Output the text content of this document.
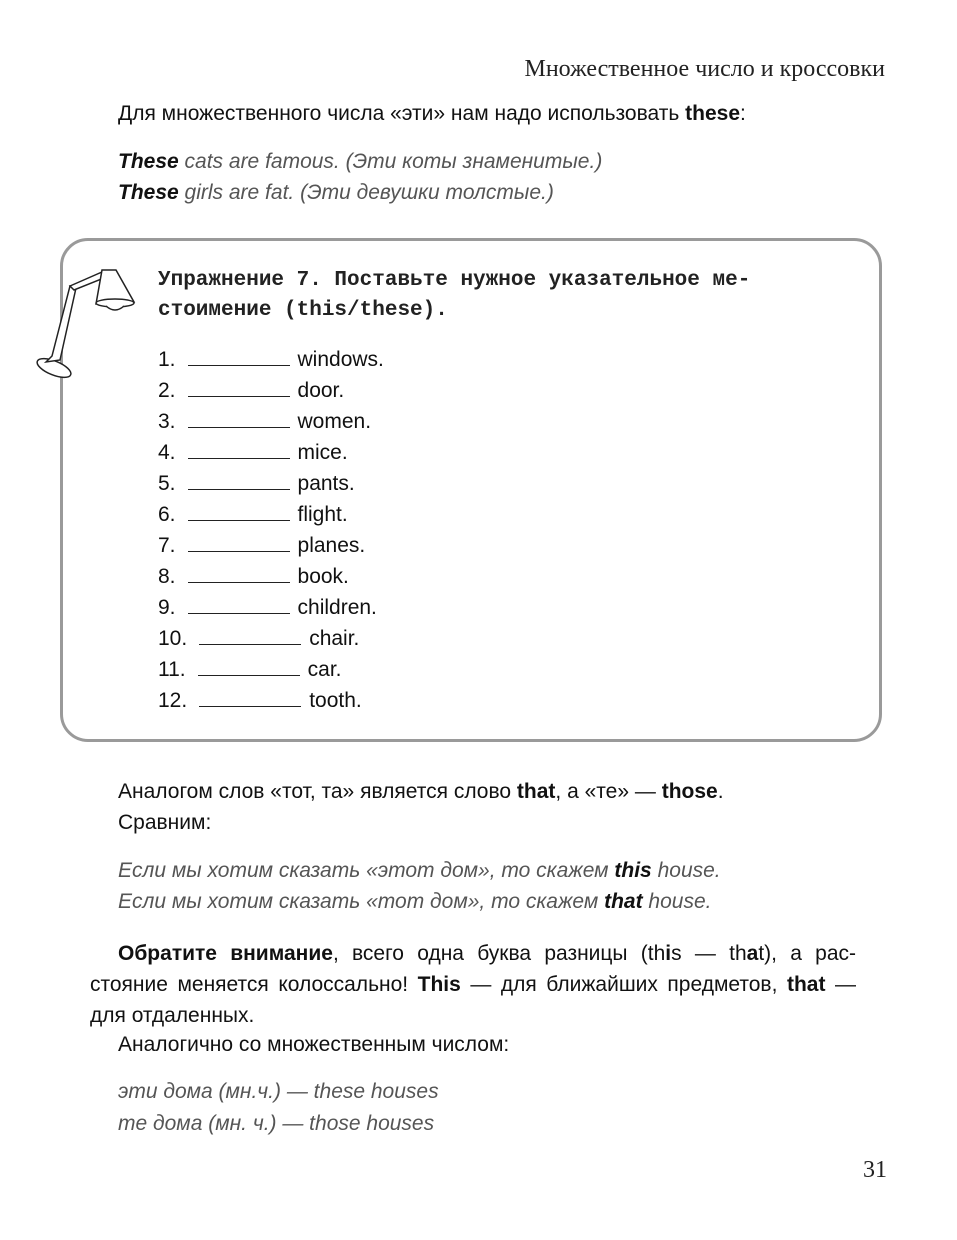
Множественное число и кроссовки
Для множественного числа «эти» нам надо использовать these:
These cats are famous. (Эти коты знаменитые.)
These girls are fat. (Эти девушки толстые.)
Упражнение 7. Поставьте нужное указательное ме-
стоимение (this/these).
1.	windows.
2.	door.
3.	women.
4.	mice.
5.	pants.
6.	flight.
7.	planes.
8.	book.
9.	children.
10.	chair.
11.	car.
12.	tooth.
Аналогом слов «тот, та» является слово that, а «те» — those.
Сравним:
Если мы хотим сказать «этот дом», то скажем this house.
Если мы хотим сказать «тот дом», то скажем that house.
Обратите внимание, всего одна буква разницы (this — that), а рас-стояние меняется колоссально! This — для ближайших предметов, that — для отдаленных.
Аналогично со множественным числом:
эти дома (мн.ч.) — these houses
те дома (мн. ч.) — those houses
31
